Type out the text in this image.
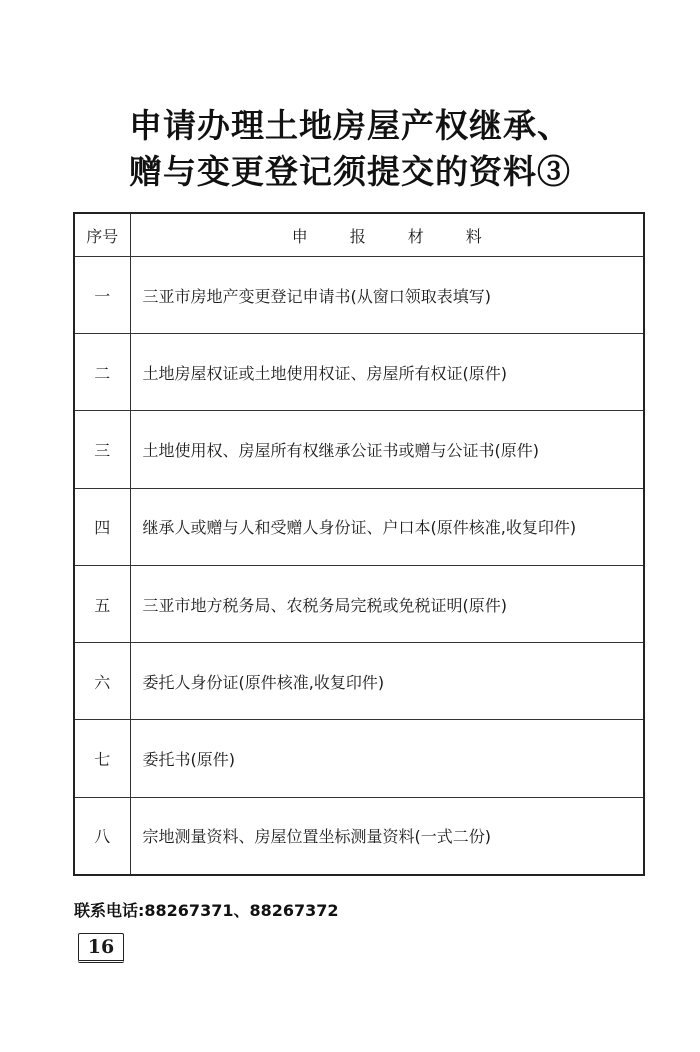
申请办理土地房屋产权继承、
赠与变更登记须提交的资料③
序号	申报材料
一	三亚市房地产变更登记申请书(从窗口领取表填写)
二	土地房屋权证或土地使用权证、房屋所有权证(原件)
三	土地使用权、房屋所有权继承公证书或赠与公证书(原件)
四	继承人或赠与人和受赠人身份证、户口本(原件核准,收复印件)
五	三亚市地方税务局、农税务局完税或免税证明(原件)
六	委托人身份证(原件核准,收复印件)
七	委托书(原件)
八	宗地测量资料、房屋位置坐标测量资料(一式二份)
联系电话:88267371、88267372
16
